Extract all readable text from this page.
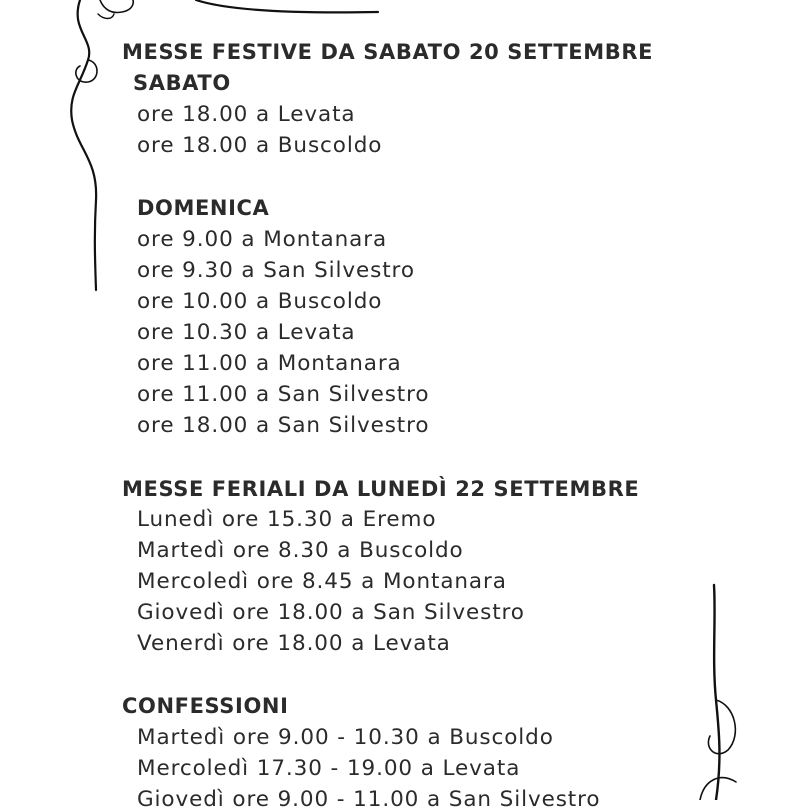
MESSE FESTIVE DA SABATO 20 SETTEMBRE
SABATO
ore 18.00 a Levata
ore 18.00 a Buscoldo
DOMENICA
ore 9.00 a Montanara
ore 9.30 a San Silvestro
ore 10.00 a Buscoldo
ore 10.30 a Levata
ore 11.00 a Montanara
ore 11.00 a San Silvestro
ore 18.00 a San Silvestro
MESSE FERIALI DA LUNEDÌ 22 SETTEMBRE
Lunedì ore 15.30 a Eremo
Martedì ore 8.30 a Buscoldo
Mercoledì ore 8.45 a Montanara
Giovedì ore 18.00 a San Silvestro
Venerdì ore 18.00 a Levata
CONFESSIONI
Martedì ore 9.00 - 10.30 a Buscoldo
Mercoledì 17.30 - 19.00 a Levata
Giovedì ore 9.00 - 11.00 a San Silvestro
